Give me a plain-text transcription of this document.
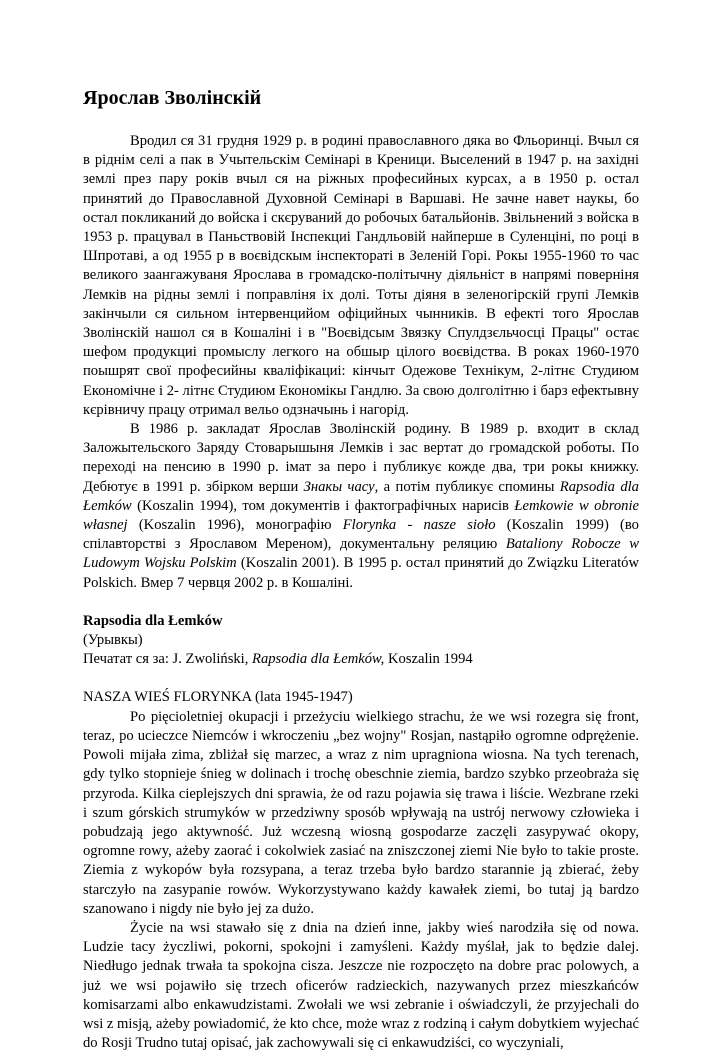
Ярослав Зволінскій

Вродил ся 31 грудня 1929 р. в родині православного дяка во Фльоринці. Вчыл ся в ріднім селі а пак в Учытельскім Семінарі в Креници. Выселений в 1947 р. на західні землі през пару років вчыл ся на ріжных професийных курсах, а в 1950 р. остал принятий до Православной Духовной Семінарі в Варшаві. Не зачне навет наукы, бо остал покликаний до войска і скєруваний до робочых батальйонів. Звільнений з войска в 1953 р. працувал в Паньствовій Інспекциі Гандльовій найперше в Суленціні, по році в Шпротаві, а од 1955 р в воєвідскым інспектораті в Зеленій Горі. Рокы 1955-1960 то час великого заангажуваня Ярослава в громадско-політычну діяльніст в напрямі поверніня Лемків на рідны землі і поправліня іх долі. Тоты діяня в зеленогірскій групі Лемків закінчыли ся сильном інтервенцийом офіцийных чынників. В ефекті того Ярослав Зволінскій нашол ся в Кошаліні і в "Воєвідсым Звязку Спулдзєльчосці Працы" остає шефом продукциі промыслу легкого на обшыр цілого воєвідства. В роках 1960-1970 поышрят свої професийны кваліфікациі: кінчыт Одежове Технікум, 2-літнє Студиюм Економічне і 2- літнє Студиюм Економікы Гандлю. За свою долголітню і барз ефектывну кєрівничу працу отримал вельо одзначынь і нагорід.

В 1986 р. закладат Ярослав Зволінскій родину. В 1989 р. входит в склад Заложытельского Заряду Стоварышыня Лемків і зас вертат до громадской роботы. По переході на пенсию в 1990 р. імат за перо і публикує кожде два, три рокы книжку. Дебютує в 1991 р. збірком верши Знакы часу, а потім публикує спомины Rapsodia dla Łemków (Koszalin 1994), том документів і фактографічных нарисів Łemkowie w obronie własnej (Koszalin 1996), монографію Florynka - nasze sioło (Koszalin 1999) (во спілавторстві з Ярославом Мереном), документальну реляцию Bataliony Robocze w Ludowym Wojsku Polskim (Koszalin 2001). В 1995 р. остал принятий до Związku Literatów Polskich. Вмер 7 червця 2002 р. в Кошаліні.

Rapsodia dla Łemków

(Урывкы)

Печатат ся за: J. Zwoliński, Rapsodia dla Łemków, Koszalin 1994

NASZA WIEŚ FLORYNKA (lata 1945-1947)

Po pięcioletniej okupacji i przeżyciu wielkiego strachu, że we wsi rozegra się front, teraz, po ucieczce Niemców i wkroczeniu „bez wojny" Rosjan, nastąpiło ogromne odprężenie. Powoli mijała zima, zbliżał się marzec, a wraz z nim upragniona wiosna. Na tych terenach, gdy tylko stopnieje śnieg w dolinach i trochę obeschnie ziemia, bardzo szybko przeobraża się przyroda. Kilka cieplejszych dni sprawia, że od razu pojawia się trawa i liście. Wezbrane rzeki i szum górskich strumyków w przedziwny sposób wpływają na ustrój nerwowy człowieka i pobudzają jego aktywność. Już wczesną wiosną gospodarze zaczęli zasypywać okopy, ogromne rowy, ażeby zaorać i cokolwiek zasiać na zniszczonej ziemi Nie było to takie proste. Ziemia z wykopów była rozsypana, a teraz trzeba było bardzo starannie ją zbierać, żeby starczyło na zasypanie rowów. Wykorzystywano każdy kawałek ziemi, bo tutaj ją bardzo szanowano i nigdy nie było jej za dużo.

Życie na wsi stawało się z dnia na dzień inne, jakby wieś narodziła się od nowa. Ludzie tacy życzliwi, pokorni, spokojni i zamyśleni. Każdy myślał, jak to będzie dalej. Niedługo jednak trwała ta spokojna cisza. Jeszcze nie rozpoczęto na dobre prac polowych, a już we wsi pojawiło się trzech oficerów radzieckich, nazywanych przez mieszkańców komisarzami albo enkawudzistami. Zwołali we wsi zebranie i oświadczyli, że przyjechali do wsi z misją, ażeby powiadomić, że kto chce, może wraz z rodziną i całym dobytkiem wyjechać do Rosji Trudno tutaj opisać, jak zachowywali się ci enkawudziści, co wyczyniali,
